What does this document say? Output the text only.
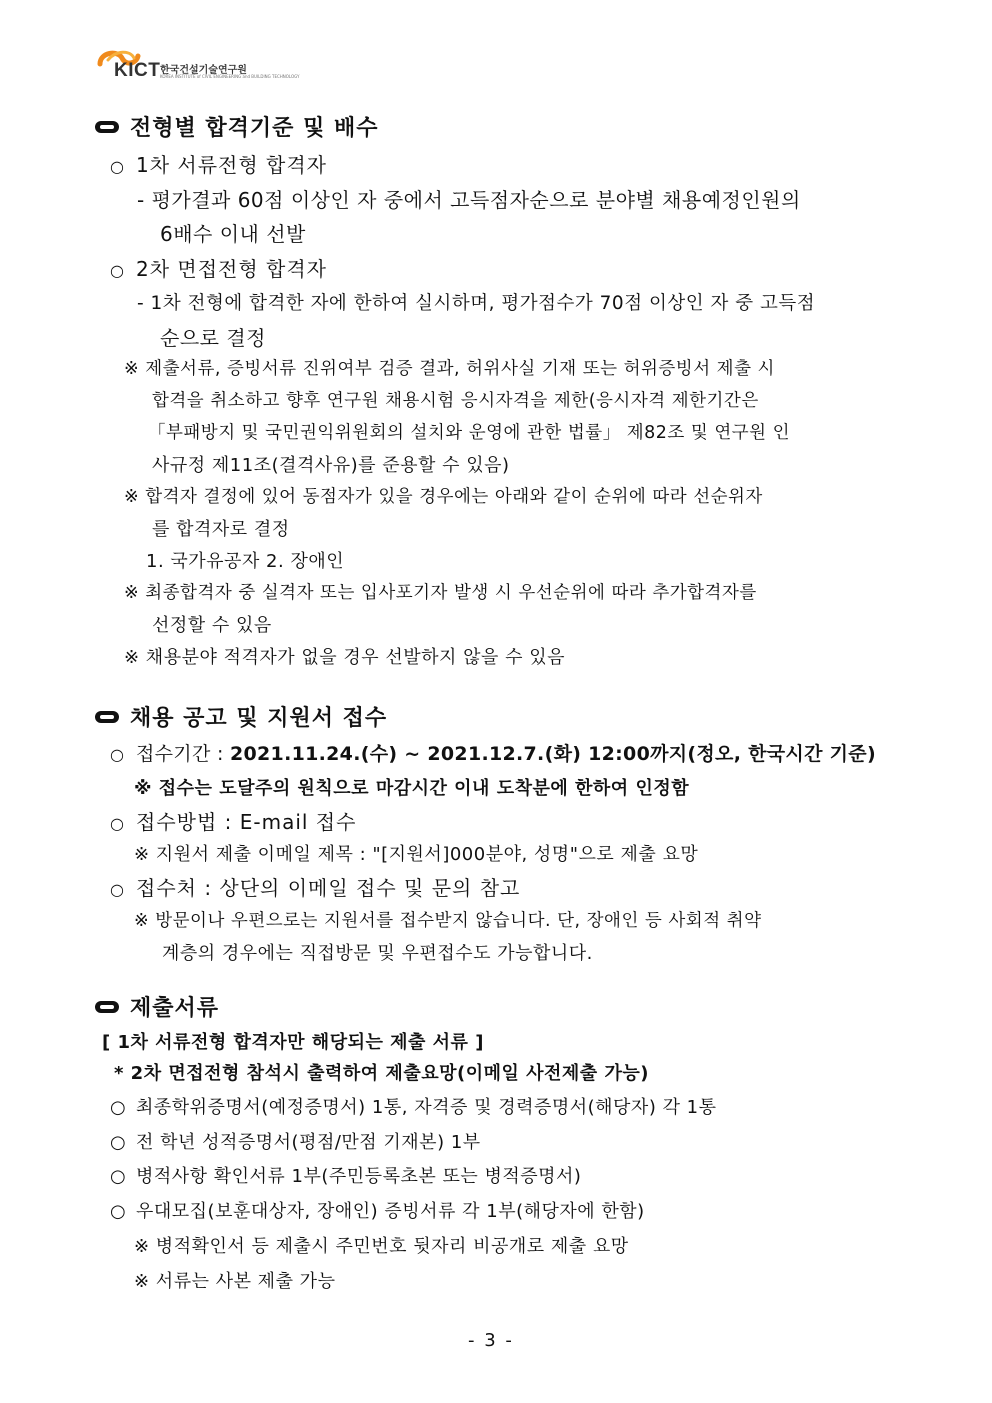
KICT 한국건설기술연구원
KOREA INSTITUTE of CIVIL ENGINEERING and BUILDING TECHNOLOGY
전형별 합격기준 및 배수
○ 1차 서류전형 합격자
- 평가결과 60점 이상인 자 중에서 고득점자순으로 분야별 채용예정인원의
6배수 이내 선발
○ 2차 면접전형 합격자
- 1차 전형에 합격한 자에 한하여 실시하며, 평가점수가 70점 이상인 자 중 고득점
순으로 결정
※ 제출서류, 증빙서류 진위여부 검증 결과, 허위사실 기재 또는 허위증빙서 제출 시
합격을 취소하고 향후 연구원 채용시험 응시자격을 제한(응시자격 제한기간은
「부패방지 및 국민권익위원회의 설치와 운영에 관한 법률」 제82조 및 연구원 인
사규정 제11조(결격사유)를 준용할 수 있음)
※ 합격자 결정에 있어 동점자가 있을 경우에는 아래와 같이 순위에 따라 선순위자
를 합격자로 결정
1. 국가유공자 2. 장애인
※ 최종합격자 중 실격자 또는 입사포기자 발생 시 우선순위에 따라 추가합격자를
선정할 수 있음
※ 채용분야 적격자가 없을 경우 선발하지 않을 수 있음
채용 공고 및 지원서 접수
○ 접수기간 : 2021.11.24.(수) ~ 2021.12.7.(화) 12:00까지(정오, 한국시간 기준)
※ 접수는 도달주의 원칙으로 마감시간 이내 도착분에 한하여 인정함
○ 접수방법 : E-mail 접수
※ 지원서 제출 이메일 제목 : "[지원서]000분야, 성명"으로 제출 요망
○ 접수처 : 상단의 이메일 접수 및 문의 참고
※ 방문이나 우편으로는 지원서를 접수받지 않습니다. 단, 장애인 등 사회적 취약
계층의 경우에는 직접방문 및 우편접수도 가능합니다.
제출서류
[ 1차 서류전형 합격자만 해당되는 제출 서류 ]
* 2차 면접전형 참석시 출력하여 제출요망(이메일 사전제출 가능)
○ 최종학위증명서(예정증명서) 1통, 자격증 및 경력증명서(해당자) 각 1통
○ 전 학년 성적증명서(평점/만점 기재본) 1부
○ 병적사항 확인서류 1부(주민등록초본 또는 병적증명서)
○ 우대모집(보훈대상자, 장애인) 증빙서류 각 1부(해당자에 한함)
※ 병적확인서 등 제출시 주민번호 뒷자리 비공개로 제출 요망
※ 서류는 사본 제출 가능
- 3 -
